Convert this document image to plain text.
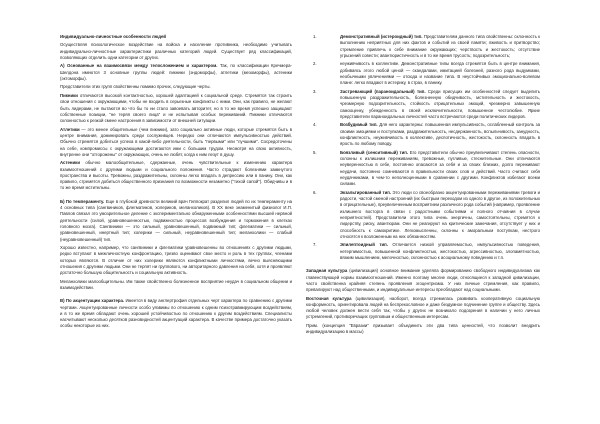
Индивидуально-личностные особенности людей

Осуществляя психологическое воздействие на войска и население противника, необходимо учитывать индивидуально-личностные характеристики различных категорий людей. Существует ряд классификаций, позволяющих отделить одни категории от других.

А) Основанные на взаимосвязи между телосложением и характером. Так, по классификации Кречмера-Шелдона имеются 3 основные группы людей: пикники (эндоморфы), атлетики (мезоморфы), астеники (эктоморфы).

Представители этих групп свойственны помимо прочих, следующие черты.

Пикники отличаются высокой контактностью, хорошей адаптацией к социальной среде. Стремятся так строить свои отношения с окружающими, чтобы не входить в серьезные конфликты с ними. Они, как правило, не желают быть лидерами, не пытаются во что бы то ни стало завоевать авторитет, но в то же время успешно защищают собственные позиции, "не теряя своего лица" и не испытывая особых переживаний. Пикники отличаются склонностью к резкой смене настроения в зависимости от внешней ситуации.

Атлетики — это менее общительные (чем пикники), зато социально активные люди, которые стремятся быть в центре внимания, доминировать среди сослуживцев. Нередко они отличаются импульсивностью действий. Обычно стремятся добиться успеха в какой-либо деятельности, быть "первыми" или "лучшими". Сосредоточены на себе, компромиссы с окружающими достигаются ими с большим трудом. Несмотря на свою активность, внутренне они "отгорожены" от окружающих, очень не любят, когда к ним лезут в душу.

Астеники обычно малообщительные, сдержанные, очень чувствительные к изменению характера взаимоотношений с другими людьми и социального положения. Часто страдают болезнями замкнутого пространства и высоты. Тревожны, раздражительны, склонны легко впадать в депрессию или в панику. Они, как правило, стремятся добиться общественного признания по возможности незаметно ("тихой сапой"). Обидчивы и в то же время мстительны.

Б) По темпераменту. Еще в глубокой древности великий врач Гиппократ разделил людей по их темпераменту на 4 основных типа (сангвиников, флегматиков, холериков, меланхоликов). В XX веке знаменитый физиолог И.П. Павлов связал это умозрительное деление с экспериментально обнаруженными особенностями высшей нервной деятельности (силой, уравновешенностью, подвижностью процессов возбуждения и торможения в клетках головного мозга). Сангвиники — это сильный, уравновешенный, подвижный тип; флегматики — сильный, уравновешенный, инертный тип; холерики — сильный, неуравновешенный тип; меланхолики — слабый (неуравновешенный) тип.

Хорошо известно, например, что сангвиники и флегматики уравновешенны во отношениях с другими людьми, редко вступают в межличностную конфронтацию, трезво оценивают свое место и роль в тех группах, членами которых являются. В отличие от них холерики являются конфликтными личностями, вечно выясняющими отношения с другими людьми. Они не терпят ни группового, ни авторитарного давления на себя, хотя и проявляют достаточно большую общительность и социальную активность.

Меланхолики малообщительны. Им также свойственно болезненное восприятие неудач в социальном общении и взаимодействии.

В) По акцентуации характера. Имеется в виду англертрофия отдельных черт характера по сравнению с другими чертами. Акцентуированные личности особо уязвимы по отношению к одним психотравмирующим воздействиям, и в то же время обладают очень хорошей устойчивостью по отношению к другим воздействиям. Специалисты насчитывают несколько десятков разновидностей акцентуаций характера. В качестве примера достаточно указать особы некоторые из них.

1.	Демонстративный (истероидный) тип. Представителям данного типа свойственны: склонность к выполнению неприятных для них фактов и событий из своей памяти; лживость и притворство; стремление привлечь к себе внимание окружающих; черствость и жестокость; отсутствие угрызений совести; авантюристичность и в то же время трусость; подозрительность;
2.	неуживчивость в коллективе. Демонстративные типы всегда стремятся быть в центре внимания, добиваясь этого любой ценой — скандалами, имитацией болезней, разного рода выдумками, необычными увлечениями — отсюда и название типа. В неустойчивых эмоционально-волевом плане: легко впадают в истерику, в страх, в панику.
3.	Застревающий (параноидальный) тип. Среди присущих им особенностей следует выделить повышенную раздражительность, болезненную обидчивость, мстительность и жестокость, чрезмерную подозрительность, стойкость отрицательных эмоций, чрезмерно завышенную самооценку, убежденность в своей исключительности, повышенное честолюбие. Яркие представители параноидальных личностей часто встречаются среди политических лидеров.
4.	Возбудимый тип. Для него характерны: повышенная импульсивность, ослабленный контроль за своими эмоциями и поступками, раздражительность, несдержанность, вспыльчивость, занудность, конфликтность, неуживчивость в коллективе, деспотичность, жестокость, склонность впадать в ярость по любому поводу.
5.	Боязливый (сенситивный) тип. Его представители обычно преувеличивают степень опасности, склонны к излишним переживаниям, тревожные, пугливые, стеснительные. Они отличаются неуверенностью в себе, постоянно опасаются за себя и за своих близких, долго переживают неудачи, постоянно сомневаются в правильности своих слов и действий. Часто считают себя неудачниками, в чем-то неполноценными в сравнении с другими. Конфликтов избегают всеми силами.
6.	Экзальтированный тип. Это люди со своеобразно акцентуированными переживаниями тревоги и радости, частой сменой настроений (их быстрым переходом из одного в другое, из положительных в отрицательные), преувеличенным восприятием различного рода событий (например, проявление излишнего восторга в связи с радостными событиями и полного отчаяния в случае неприятностей). Представители этого типа очень энергичны, самостоятельны, стремятся к лидерству, риску, авантюрам. Они не реагируют на критические замечания, отсутствует у них и способность к самокритике. Легкомысленны, склонны к аморальным поступкам, нестрого относятся к возложенным на них обязанностям.
7.	Эпилептоидный тип. Отличается низкой управляемостью, импульсивностью поведения, нетерпимостью, повышенной конфликтностью, жестокостью, агрессивностью, злопамятностью, вязким мышлением, мелочностью, склонностью к асоциальному поведению и т.п.

Западная культура (цивилизация) основное внимание уделяла формированию свободного индивидуализма как главенствующей нормы взаимоотношений. Именно поэтому многие люди, относящиеся к западной цивилизации, часто свойственна крайняя степень проявления эгоцентризма. У них личные стремления, как правило, превалируют над общественными, и индивидуальные интересы преобладают над социальными.

Восточная культура (цивилизация), наоборот, всегда стремилась развивать кооперативную социальную конформность, ориентировала людей на беспрекословное и даже бездумное подчинение группе и обществу. Здесь любой человек должен вести себя так, чтобы у других не возникало подозрения в наличии у него личных устремлений, противоречащих групповым и общественным интересам.

Прим. (концепция "Евразии" призывает объединить эти два типа ценностей, что позволит внедрить индивидуализацию в массы)
